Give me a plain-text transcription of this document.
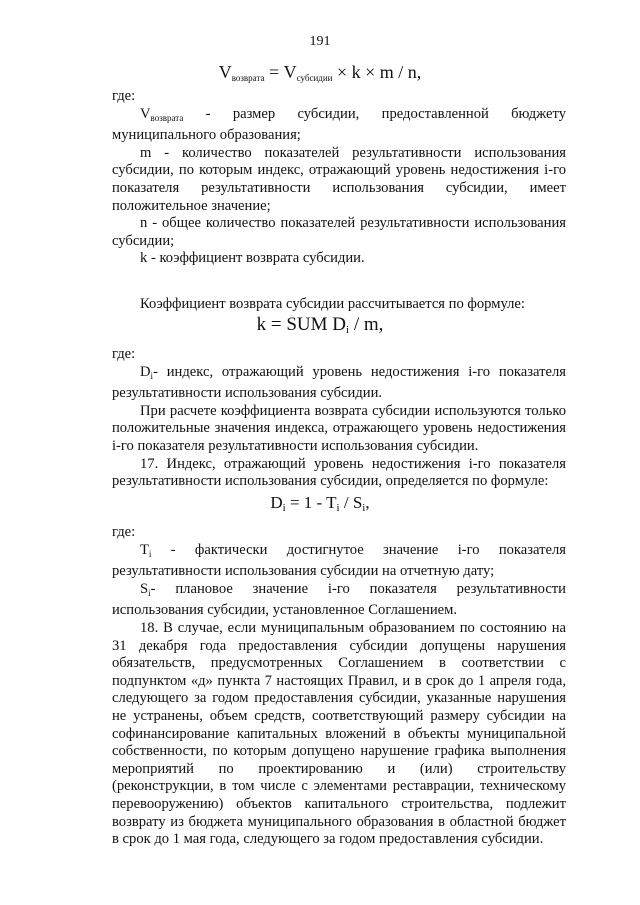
191
$V_{возврата} = V_{субсидии} \times k \times m / n$,

где:

$V_{возврата}$ - размер субсидии, предоставленной бюджету муниципального образования;

m - количество показателей результативности использования субсидии, по которым индекс, отражающий уровень недостижения i-го показателя результативности использования субсидии, имеет положительное значение;

n - общее количество показателей результативности использования субсидии;

k - коэффициент возврата субсидии.

Коэффициент возврата субсидии рассчитывается по формуле:

k = SUM $D_i$ / m,

где:

$D_i-$ индекс, отражающий уровень недостижения i-го показателя результативности использования субсидии.

При расчете коэффициента возврата субсидии используются только положительные значения индекса, отражающего уровень недостижения i-го показателя результативности использования субсидии.

17. Индекс, отражающий уровень недостижения i-го показателя результативности использования субсидии, определяется по формуле:

$D_i = 1 - T_i / S_i$,

где:

$T_i$ - фактически достигнутое значение i-го показателя результативности использования субсидии на отчетную дату;

$S_i-$ плановое значение i-го показателя результативности использования субсидии, установленное Соглашением.

18. В случае, если муниципальным образованием по состоянию на 31 декабря года предоставления субсидии допущены нарушения обязательств, предусмотренных Соглашением в соответствии с подпунктом «д» пункта 7 настоящих Правил, и в срок до 1 апреля года, следующего за годом предоставления субсидии, указанные нарушения не устранены, объем средств, соответствующий размеру субсидии на софинансирование капитальных вложений в объекты муниципальной собственности, по которым допущено нарушение графика выполнения мероприятий по проектированию и (или) строительству (реконструкции, в том числе с элементами реставрации, техническому перевооружению) объектов капитального строительства, подлежит возврату из бюджета муниципального образования в областной бюджет в срок до 1 мая года, следующего за годом предоставления субсидии.
